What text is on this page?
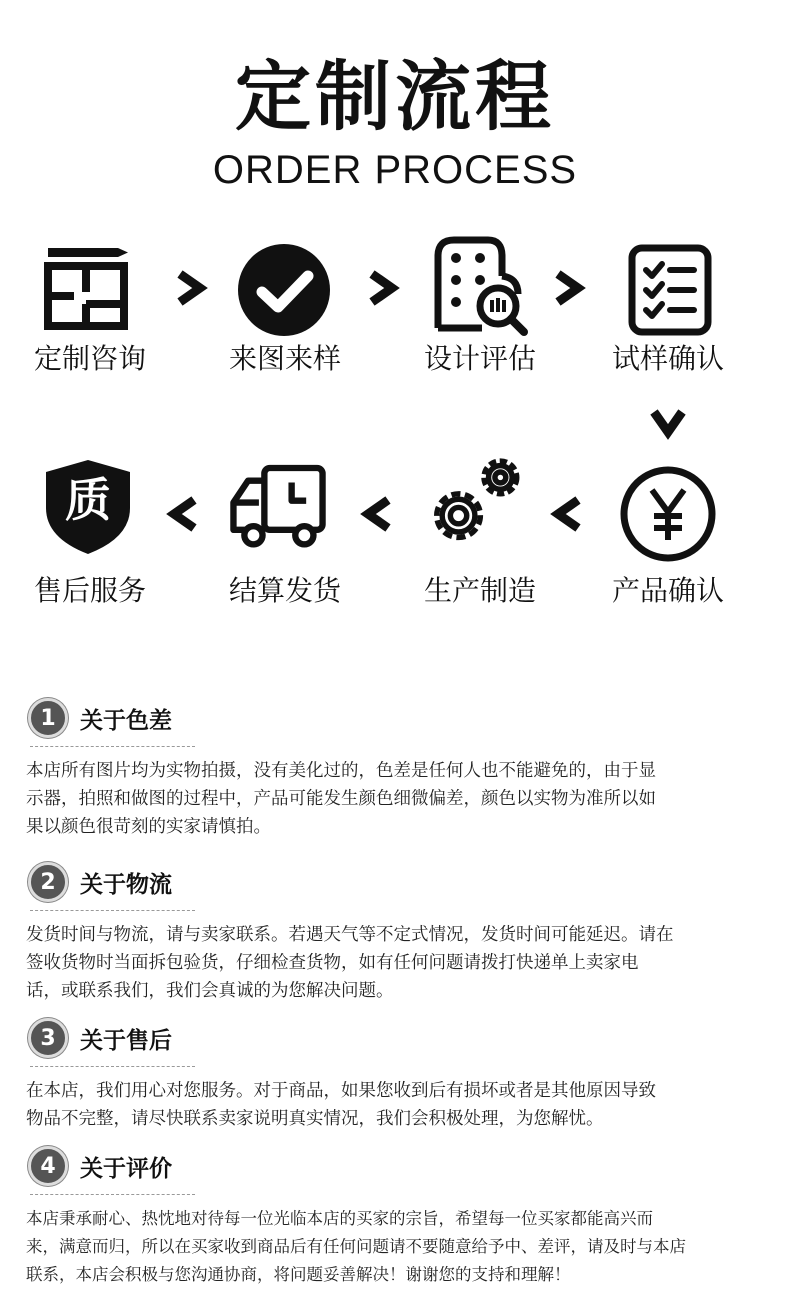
定制流程
ORDER PROCESS
定制咨询	来图来样	设计评估	试样确认
质
售后服务	结算发货	生产制造	产品确认
1	关于色差
本店所有图片均为实物拍摄，没有美化过的，色差是任何人也不能避免的，由于显
示器，拍照和做图的过程中，产品可能发生颜色细微偏差，颜色以实物为准所以如
果以颜色很苛刻的实家请慎拍。
2	关于物流
发货时间与物流，请与卖家联系。若遇天气等不定式情况，发货时间可能延迟。请在
签收货物时当面拆包验货，仔细检查货物，如有任何问题请拨打快递单上卖家电
话，或联系我们，我们会真诚的为您解决问题。
3	关于售后
在本店，我们用心对您服务。对于商品，如果您收到后有损坏或者是其他原因导致
物品不完整，请尽快联系卖家说明真实情况，我们会积极处理，为您解忧。
4	关于评价
本店秉承耐心、热忱地对待每一位光临本店的买家的宗旨，希望每一位买家都能高兴而
来，满意而归，所以在买家收到商品后有任何问题请不要随意给予中、差评，请及时与本店
联系，本店会积极与您沟通协商，将问题妥善解决！谢谢您的支持和理解！
